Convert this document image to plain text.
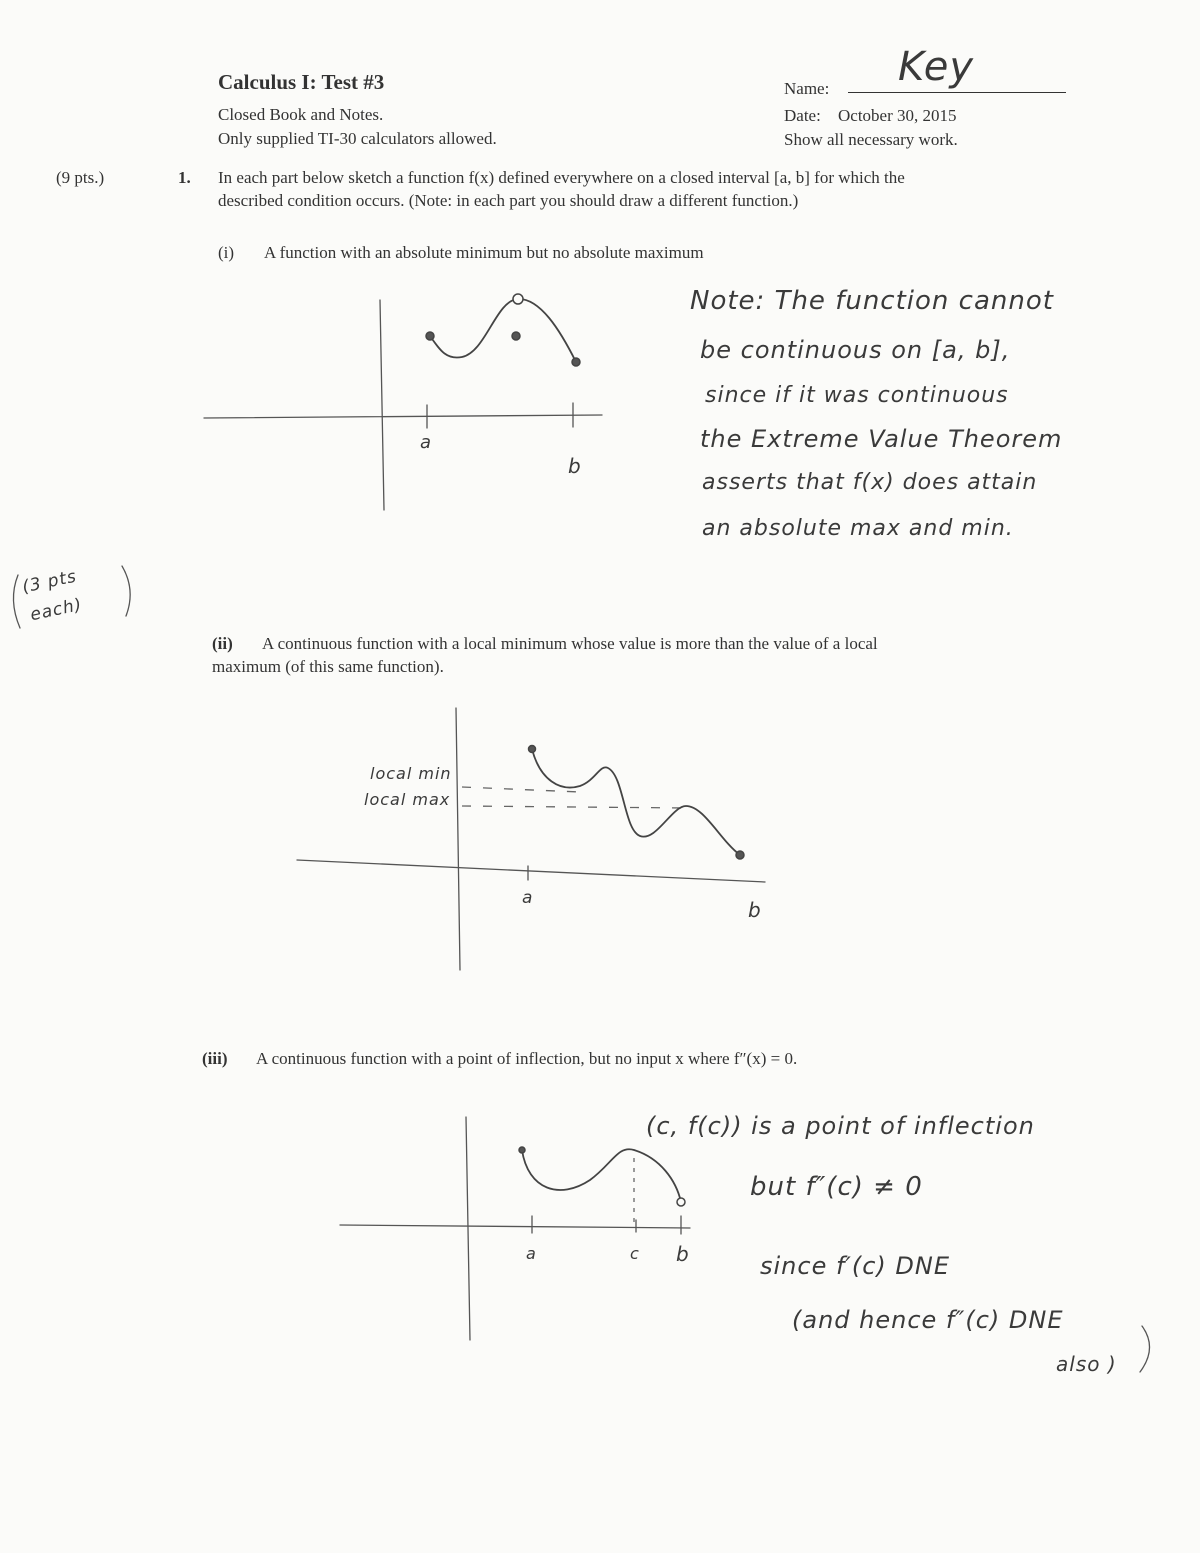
Calculus I: Test #3
Closed Book and Notes.
Only supplied TI-30 calculators allowed.
Name: Key
Date: October 30, 2015
Show all necessary work.
(9 pts.)	1. In each part below sketch a function f(x) defined everywhere on a closed interval [a, b] for which the
described condition occurs. (Note: in each part you should draw a different function.)
(3 pts
each)
(i) A function with an absolute minimum but no absolute maximum
a
b
Note: The function cannot
be continuous on [a, b],
since if it was continuous
the Extreme Value Theorem
asserts that f(x) does attain
an absolute max and min.
(ii) A continuous function with a local minimum whose value is more than the value of a local
maximum (of this same function).
local min
local max
a	b
(iii) A continuous function with a point of inflection, but no input x where f″(x) = 0.
a	c b
(c, f(c)) is a point of inflection
but f″(c) ≠ 0
since f′(c) DNE
(and hence f″(c) DNE
also )
